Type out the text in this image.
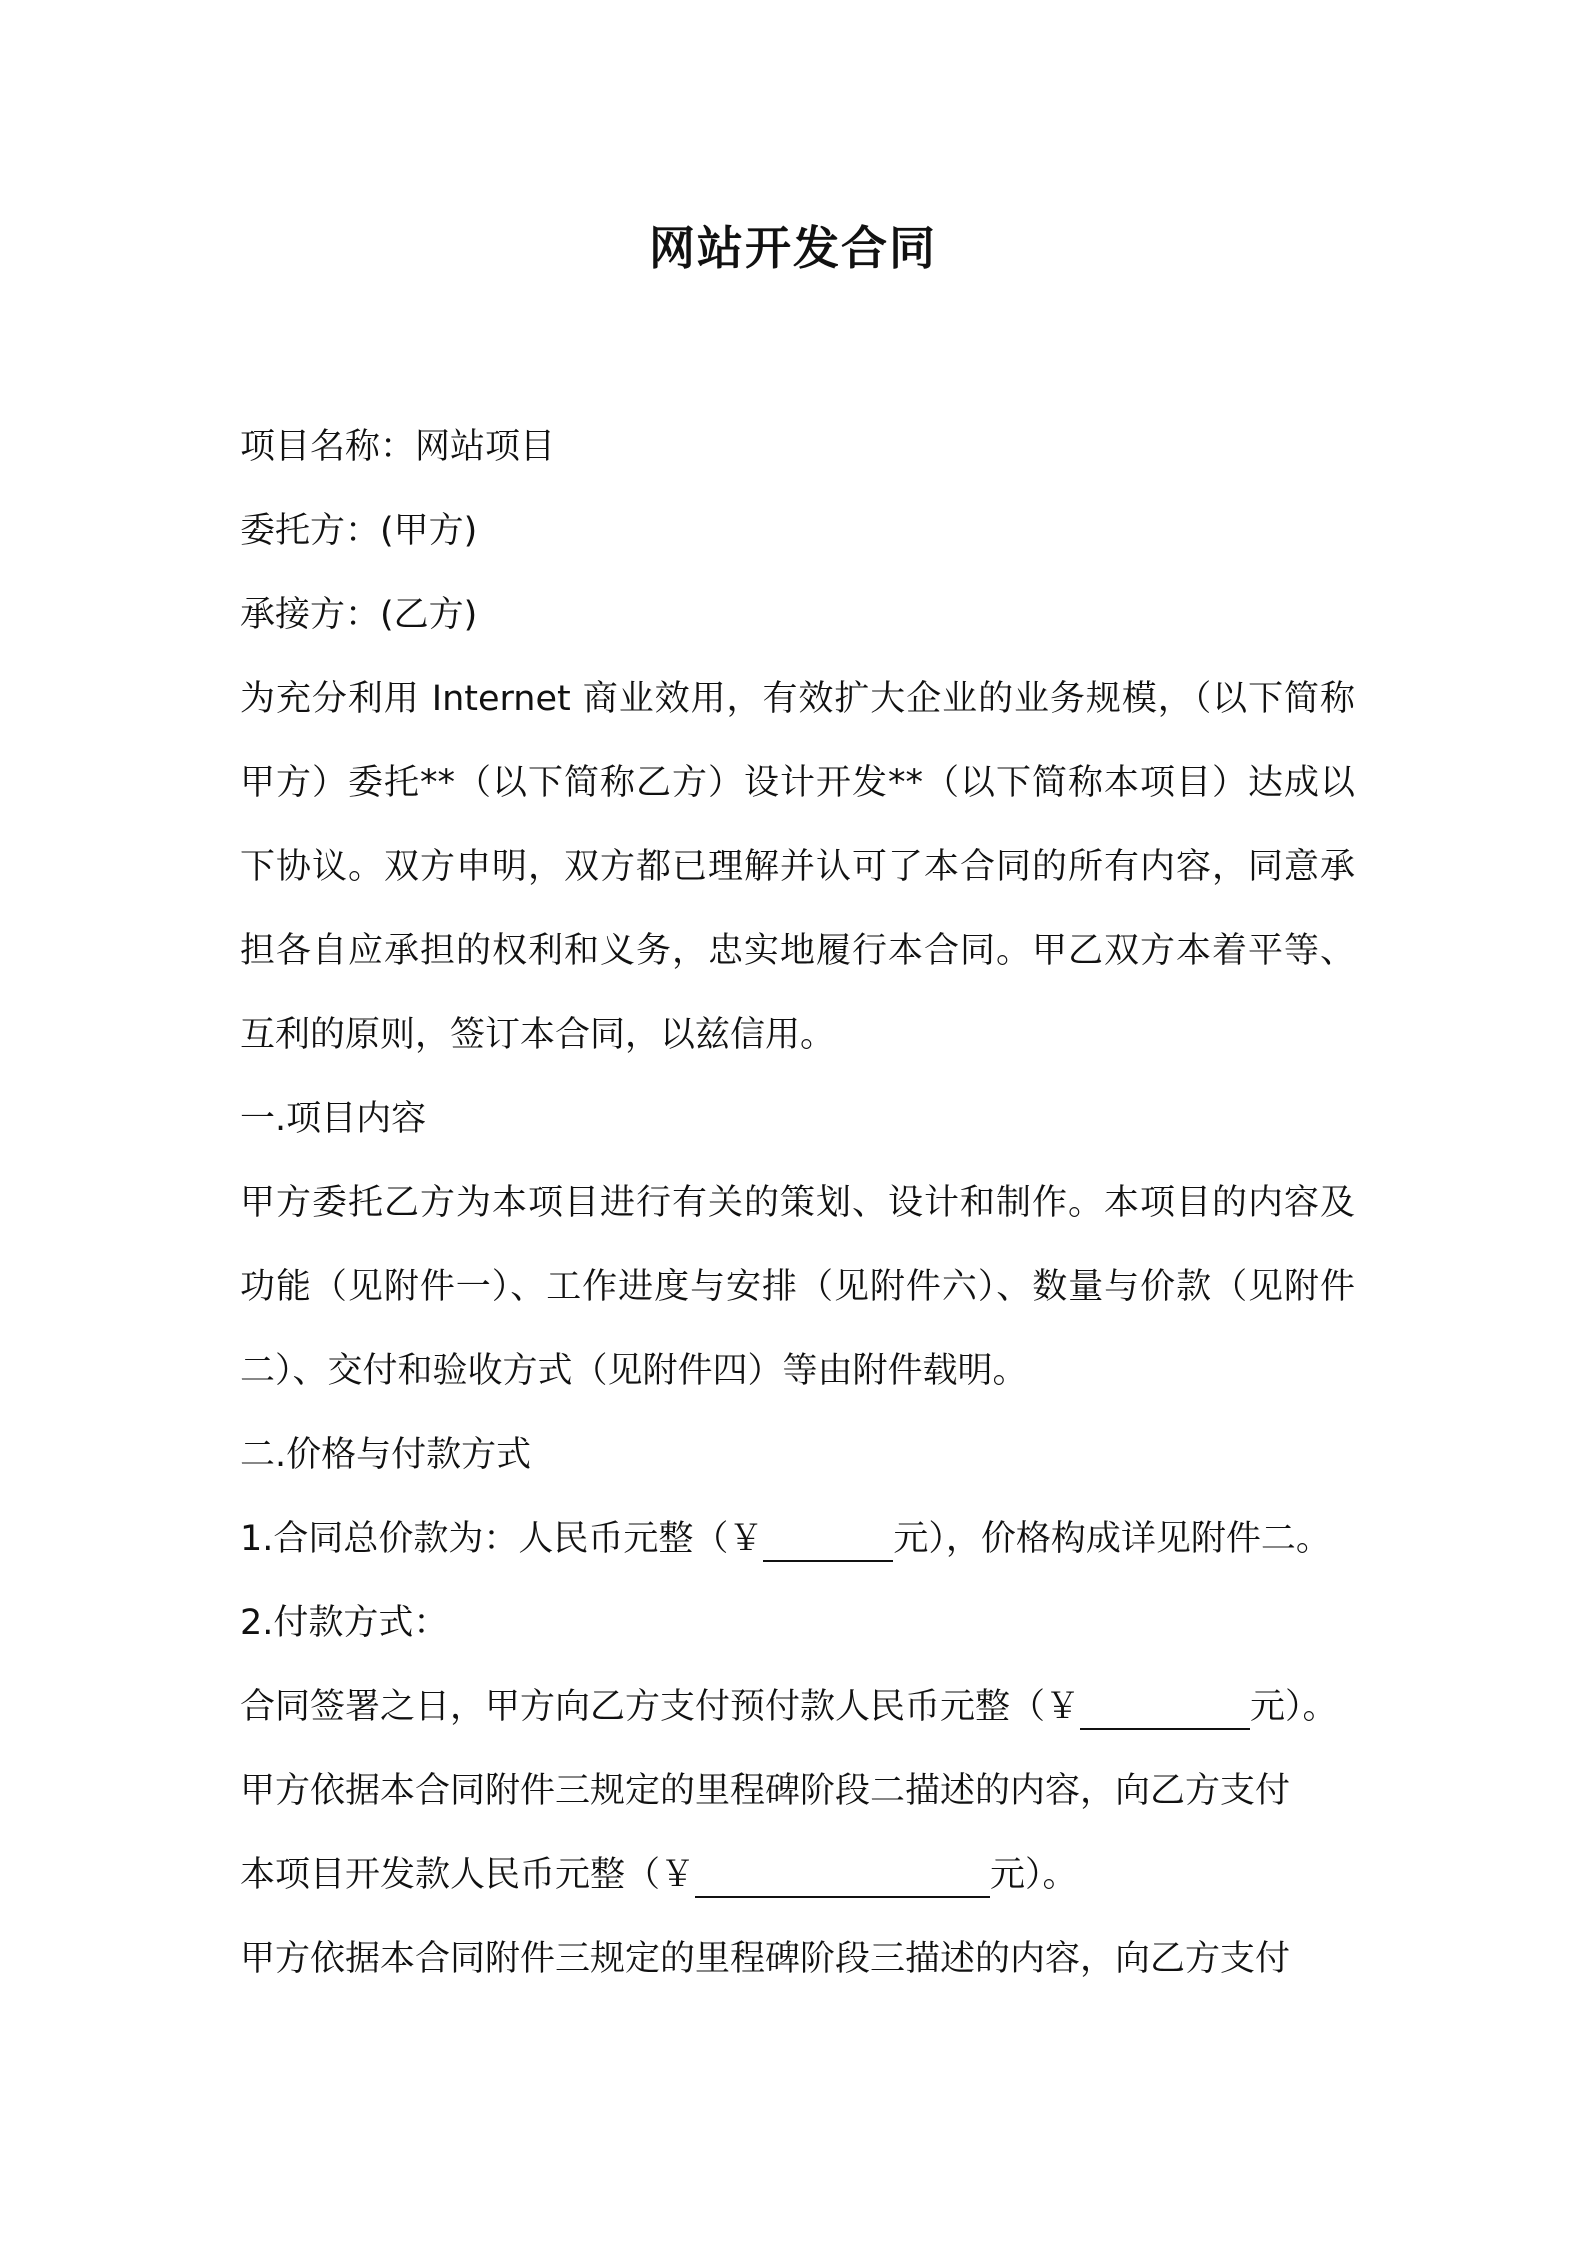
网站开发合同

项目名称：网站项目

委托方：(甲方)

承接方：(乙方)

为充分利用 Internet 商业效用，有效扩大企业的业务规模，（以下简称甲方）委托**（以下简称乙方）设计开发**（以下简称本项目）达成以下协议。双方申明，双方都已理解并认可了本合同的所有内容，同意承担各自应承担的权利和义务，忠实地履行本合同。甲乙双方本着平等、互利的原则，签订本合同，以兹信用。

一.项目内容

甲方委托乙方为本项目进行有关的策划、设计和制作。本项目的内容及功能（见附件一）、工作进度与安排（见附件六）、数量与价款（见附件二）、交付和验收方式（见附件四）等由附件载明。

二.价格与付款方式

1.合同总价款为：人民币元整（￥	元），价格构成详见附件二。

2.付款方式：

合同签署之日，甲方向乙方支付预付款人民币元整（￥	元）。

甲方依据本合同附件三规定的里程碑阶段二描述的内容，向乙方支付

本项目开发款人民币元整（￥	元）。

甲方依据本合同附件三规定的里程碑阶段三描述的内容，向乙方支付
